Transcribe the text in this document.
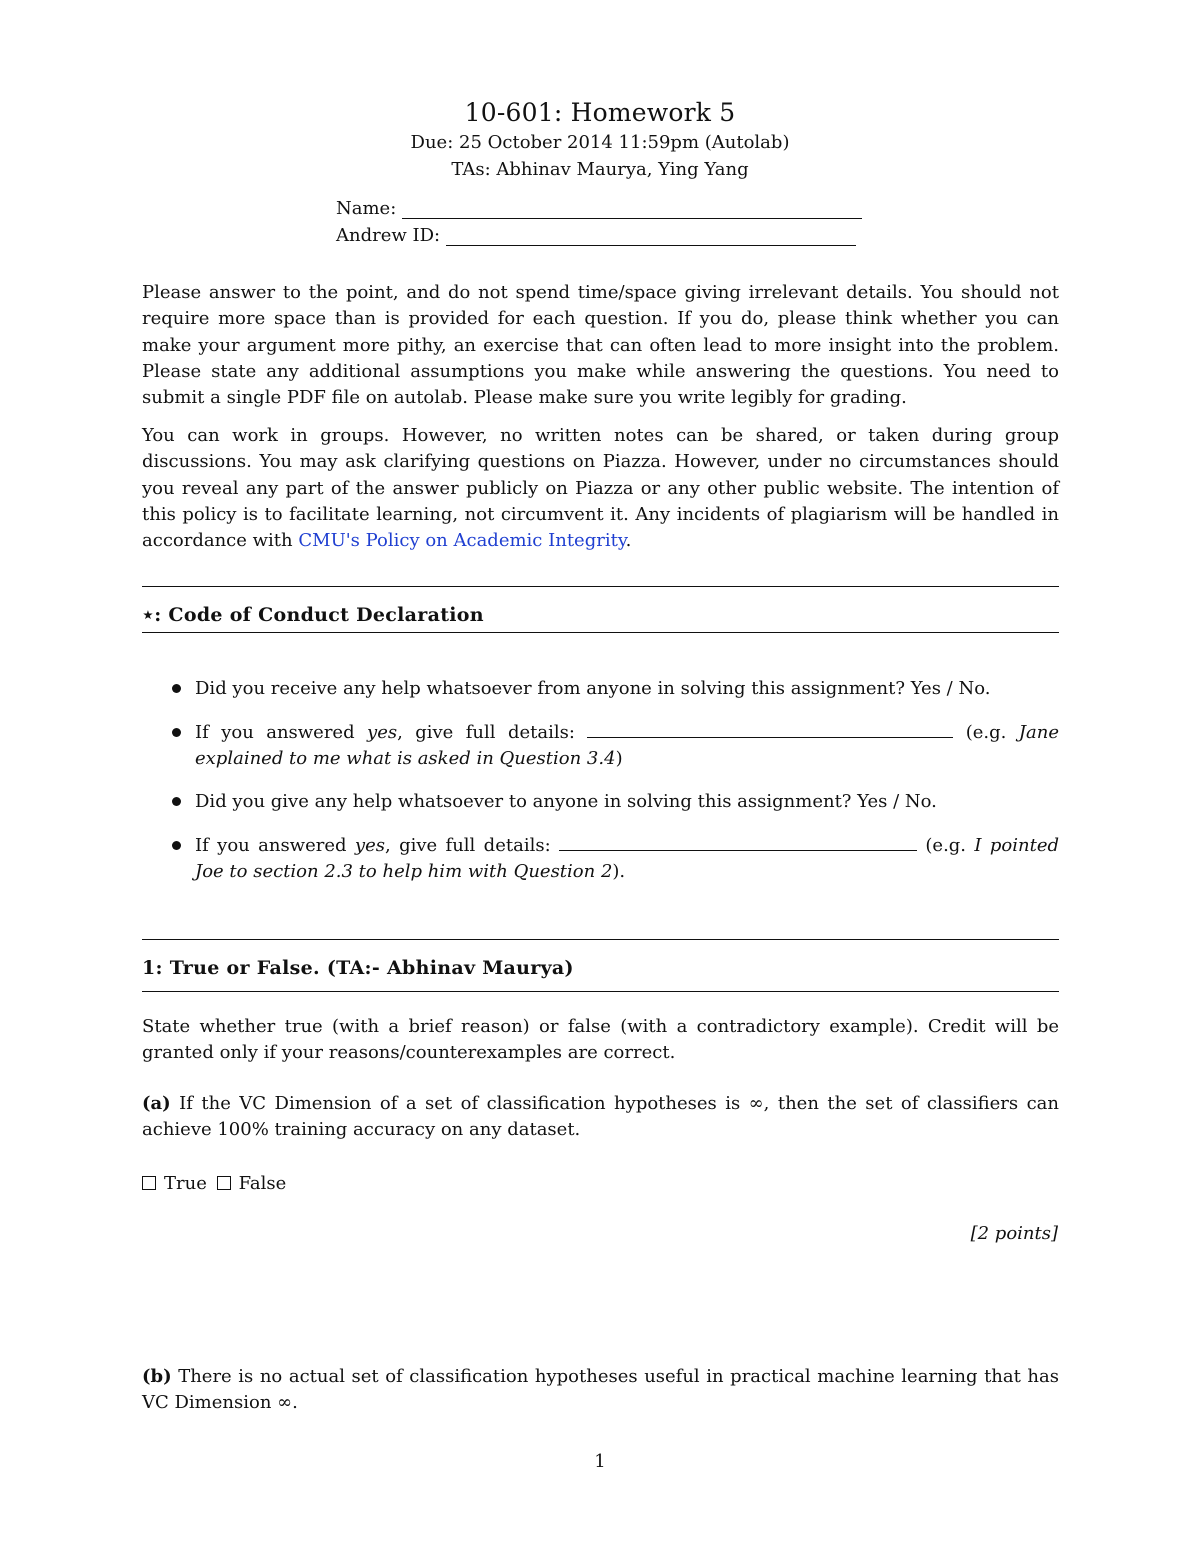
10-601: Homework 5
Due: 25 October 2014 11:59pm (Autolab)
TAs: Abhinav Maurya, Ying Yang
Name:
Andrew ID:
Please answer to the point, and do not spend time/space giving irrelevant details. You should not require more space than is provided for each question. If you do, please think whether you can make your argument more pithy, an exercise that can often lead to more insight into the problem. Please state any additional assumptions you make while answering the questions. You need to submit a single PDF file on autolab. Please make sure you write legibly for grading.
You can work in groups. However, no written notes can be shared, or taken during group discussions. You may ask clarifying questions on Piazza. However, under no circumstances should you reveal any part of the answer publicly on Piazza or any other public website. The intention of this policy is to facilitate learning, not circumvent it. Any incidents of plagiarism will be handled in accordance with CMU's Policy on Academic Integrity.
⋆: Code of Conduct Declaration
Did you receive any help whatsoever from anyone in solving this assignment? Yes / No.
If you answered yes, give full details:	(e.g. Jane explained to me what is asked in Question 3.4)
Did you give any help whatsoever to anyone in solving this assignment? Yes / No.
If you answered yes, give full details:	(e.g. I pointed Joe to section 2.3 to help him with Question 2).
1: True or False. (TA:- Abhinav Maurya)
State whether true (with a brief reason) or false (with a contradictory example). Credit will be granted only if your reasons/counterexamples are correct.
(a) If the VC Dimension of a set of classification hypotheses is ∞, then the set of classifiers can achieve 100% training accuracy on any dataset.
True False
[2 points]
(b) There is no actual set of classification hypotheses useful in practical machine learning that has VC Dimension ∞.
1
